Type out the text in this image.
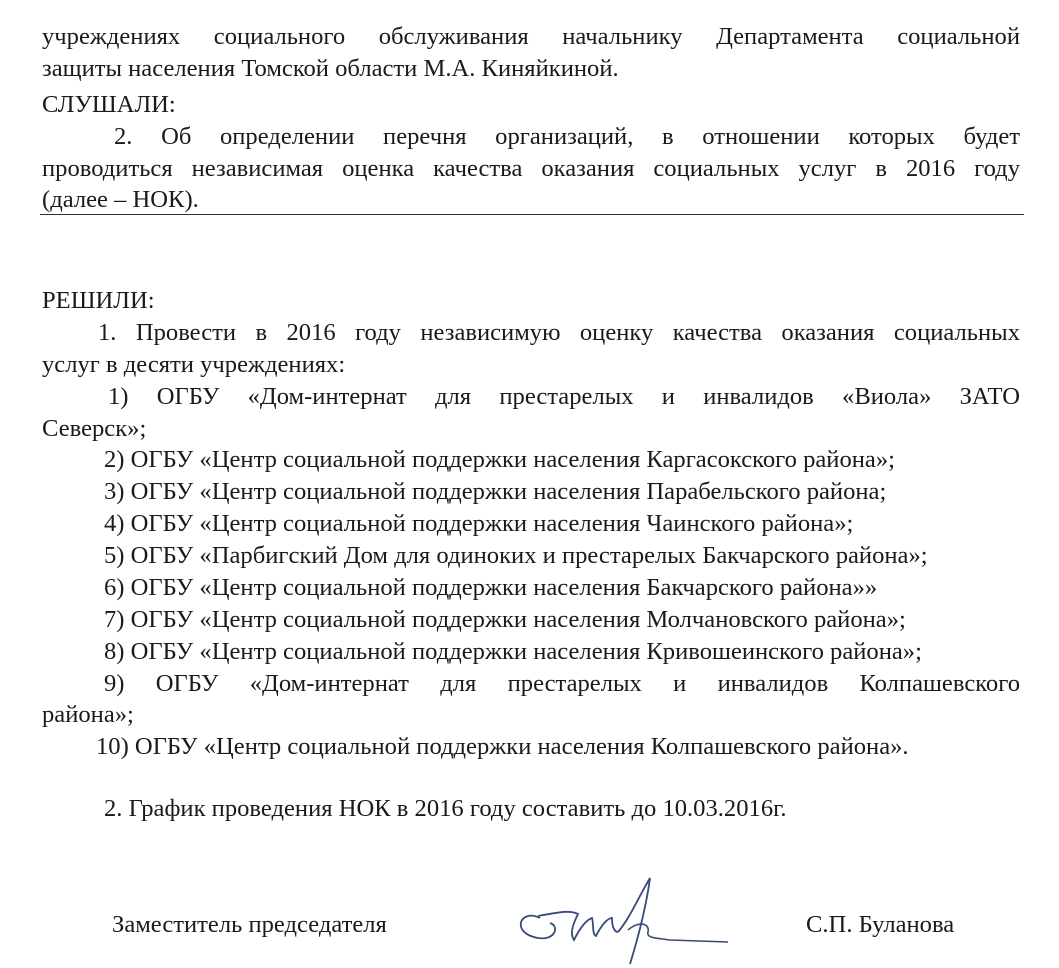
учреждениях социального обслуживания начальнику Департамента социальной
защиты населения Томской области М.А. Киняйкиной.
СЛУШАЛИ:
2. Об определении перечня организаций, в отношении которых будет
проводиться независимая оценка качества оказания социальных услуг в 2016 году
(далее – НОК).
РЕШИЛИ:
1. Провести в 2016 году независимую оценку качества оказания социальных
услуг в десяти учреждениях:
1) ОГБУ «Дом-интернат для престарелых и инвалидов «Виола» ЗАТО
Северск»;
2) ОГБУ «Центр социальной поддержки населения Каргасокского района»;
3) ОГБУ «Центр социальной поддержки населения Парабельского района;
4) ОГБУ «Центр социальной поддержки населения Чаинского района»;
5) ОГБУ «Парбигский Дом для одиноких и престарелых Бакчарского района»;
6) ОГБУ «Центр социальной поддержки населения Бакчарского района»»
7) ОГБУ «Центр социальной поддержки населения Молчановского района»;
8) ОГБУ «Центр социальной поддержки населения Кривошеинского района»;
9) ОГБУ «Дом-интернат для престарелых и инвалидов Колпашевского
района»;
10) ОГБУ «Центр социальной поддержки населения Колпашевского района».
2. График проведения НОК в 2016 году составить до 10.03.2016г.
Заместитель председателя	С.П. Буланова
